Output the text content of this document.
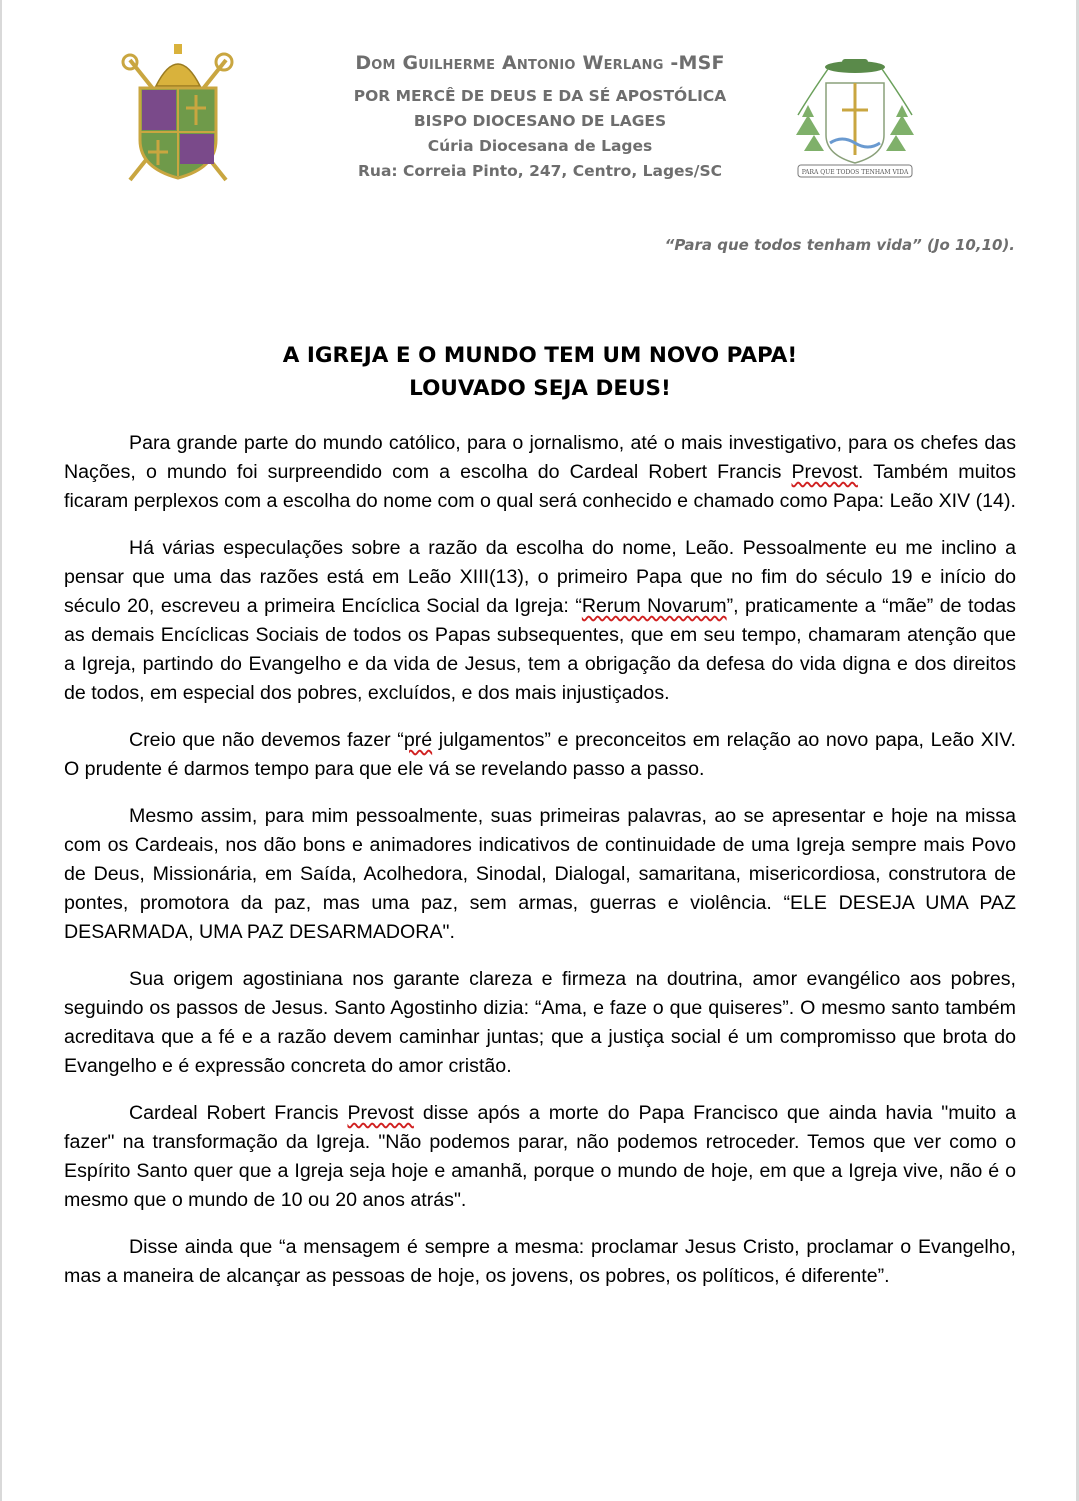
Dom Guilherme Antonio Werlang -MSF
POR MERCÊ DE DEUS E DA SÉ APOSTÓLICA
BISPO DIOCESANO DE LAGES
Cúria Diocesana de Lages
Rua: Correia Pinto, 247, Centro, Lages/SC	PARA QUE TODOS TENHAM VIDA
“Para que todos tenham vida” (Jo 10,10).
A IGREJA E O MUNDO TEM UM NOVO PAPA!
LOUVADO SEJA DEUS!

Para grande parte do mundo católico, para o jornalismo, até o mais investigativo, para os chefes das Nações, o mundo foi surpreendido com a escolha do Cardeal Robert Francis Prevost. Também muitos ficaram perplexos com a escolha do nome com o qual será conhecido e chamado como Papa: Leão XIV (14).

Há várias especulações sobre a razão da escolha do nome, Leão. Pessoalmente eu me inclino a pensar que uma das razões está em Leão XIII(13), o primeiro Papa que no fim do século 19 e início do século 20, escreveu a primeira Encíclica Social da Igreja: “Rerum Novarum”, praticamente a “mãe” de todas as demais Encíclicas Sociais de todos os Papas subsequentes, que em seu tempo, chamaram atenção que a Igreja, partindo do Evangelho e da vida de Jesus, tem a obrigação da defesa do vida digna e dos direitos de todos, em especial dos pobres, excluídos, e dos mais injustiçados.

Creio que não devemos fazer “pré julgamentos” e preconceitos em relação ao novo papa, Leão XIV. O prudente é darmos tempo para que ele vá se revelando passo a passo.

Mesmo assim, para mim pessoalmente, suas primeiras palavras, ao se apresentar e hoje na missa com os Cardeais, nos dão bons e animadores indicativos de continuidade de uma Igreja sempre mais Povo de Deus, Missionária, em Saída, Acolhedora, Sinodal, Dialogal, samaritana, misericordiosa, construtora de pontes, promotora da paz, mas uma paz, sem armas, guerras e violência. “ELE DESEJA UMA PAZ DESARMADA, UMA PAZ DESARMADORA".

Sua origem agostiniana nos garante clareza e firmeza na doutrina, amor evangélico aos pobres, seguindo os passos de Jesus. Santo Agostinho dizia: “Ama, e faze o que quiseres”. O mesmo santo também acreditava que a fé e a razão devem caminhar juntas; que a justiça social é um compromisso que brota do Evangelho e é expressão concreta do amor cristão.

Cardeal Robert Francis Prevost disse após a morte do Papa Francisco que ainda havia "muito a fazer" na transformação da Igreja. "Não podemos parar, não podemos retroceder. Temos que ver como o Espírito Santo quer que a Igreja seja hoje e amanhã, porque o mundo de hoje, em que a Igreja vive, não é o mesmo que o mundo de 10 ou 20 anos atrás".

Disse ainda que “a mensagem é sempre a mesma: proclamar Jesus Cristo, proclamar o Evangelho, mas a maneira de alcançar as pessoas de hoje, os jovens, os pobres, os políticos, é diferente”.
